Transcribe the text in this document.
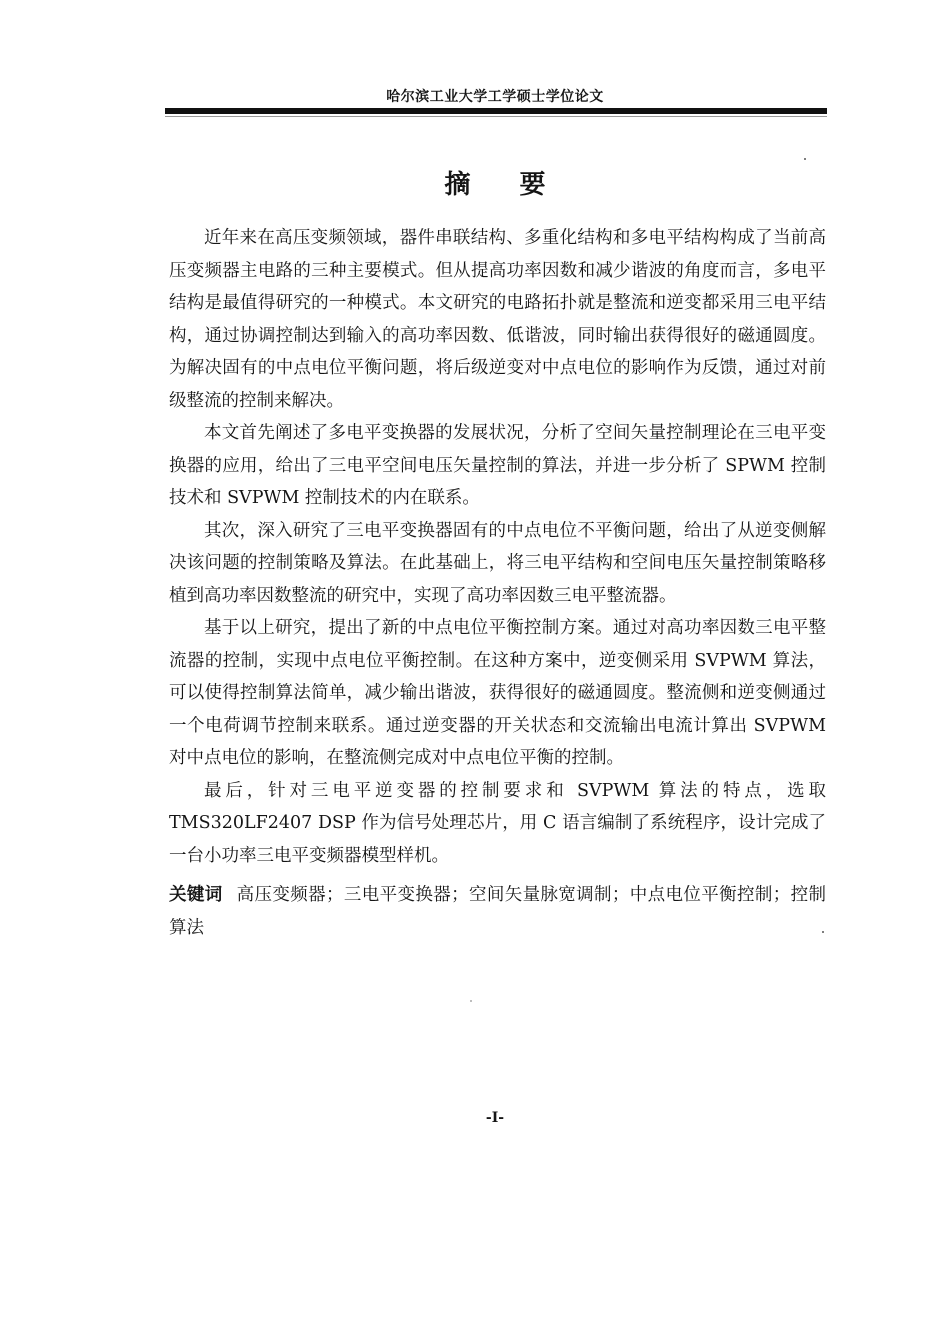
哈尔滨工业大学工学硕士学位论文
摘 要

近年来在高压变频领域，器件串联结构、多重化结构和多电平结构构成了当前高压变频器主电路的三种主要模式。但从提高功率因数和减少谐波的角度而言，多电平结构是最值得研究的一种模式。本文研究的电路拓扑就是整流和逆变都采用三电平结构，通过协调控制达到输入的高功率因数、低谐波，同时输出获得很好的磁通圆度。为解决固有的中点电位平衡问题，将后级逆变对中点电位的影响作为反馈，通过对前级整流的控制来解决。

本文首先阐述了多电平变换器的发展状况，分析了空间矢量控制理论在三电平变换器的应用，给出了三电平空间电压矢量控制的算法，并进一步分析了 SPWM 控制技术和 SVPWM 控制技术的内在联系。

其次，深入研究了三电平变换器固有的中点电位不平衡问题，给出了从逆变侧解决该问题的控制策略及算法。在此基础上，将三电平结构和空间电压矢量控制策略移植到高功率因数整流的研究中，实现了高功率因数三电平整流器。

基于以上研究，提出了新的中点电位平衡控制方案。通过对高功率因数三电平整流器的控制，实现中点电位平衡控制。在这种方案中，逆变侧采用 SVPWM 算法，可以使得控制算法简单，减少输出谐波，获得很好的磁通圆度。整流侧和逆变侧通过一个电荷调节控制来联系。通过逆变器的开关状态和交流输出电流计算出 SVPWM 对中点电位的影响，在整流侧完成对中点电位平衡的控制。

最后，针对三电平逆变器的控制要求和 SVPWM 算法的特点，选取 TMS320LF2407 DSP 作为信号处理芯片，用 C 语言编制了系统程序，设计完成了一台小功率三电平变频器模型样机。

关键词 高压变频器；三电平变换器；空间矢量脉宽调制；中点电位平衡控制；控制算法
-I-
